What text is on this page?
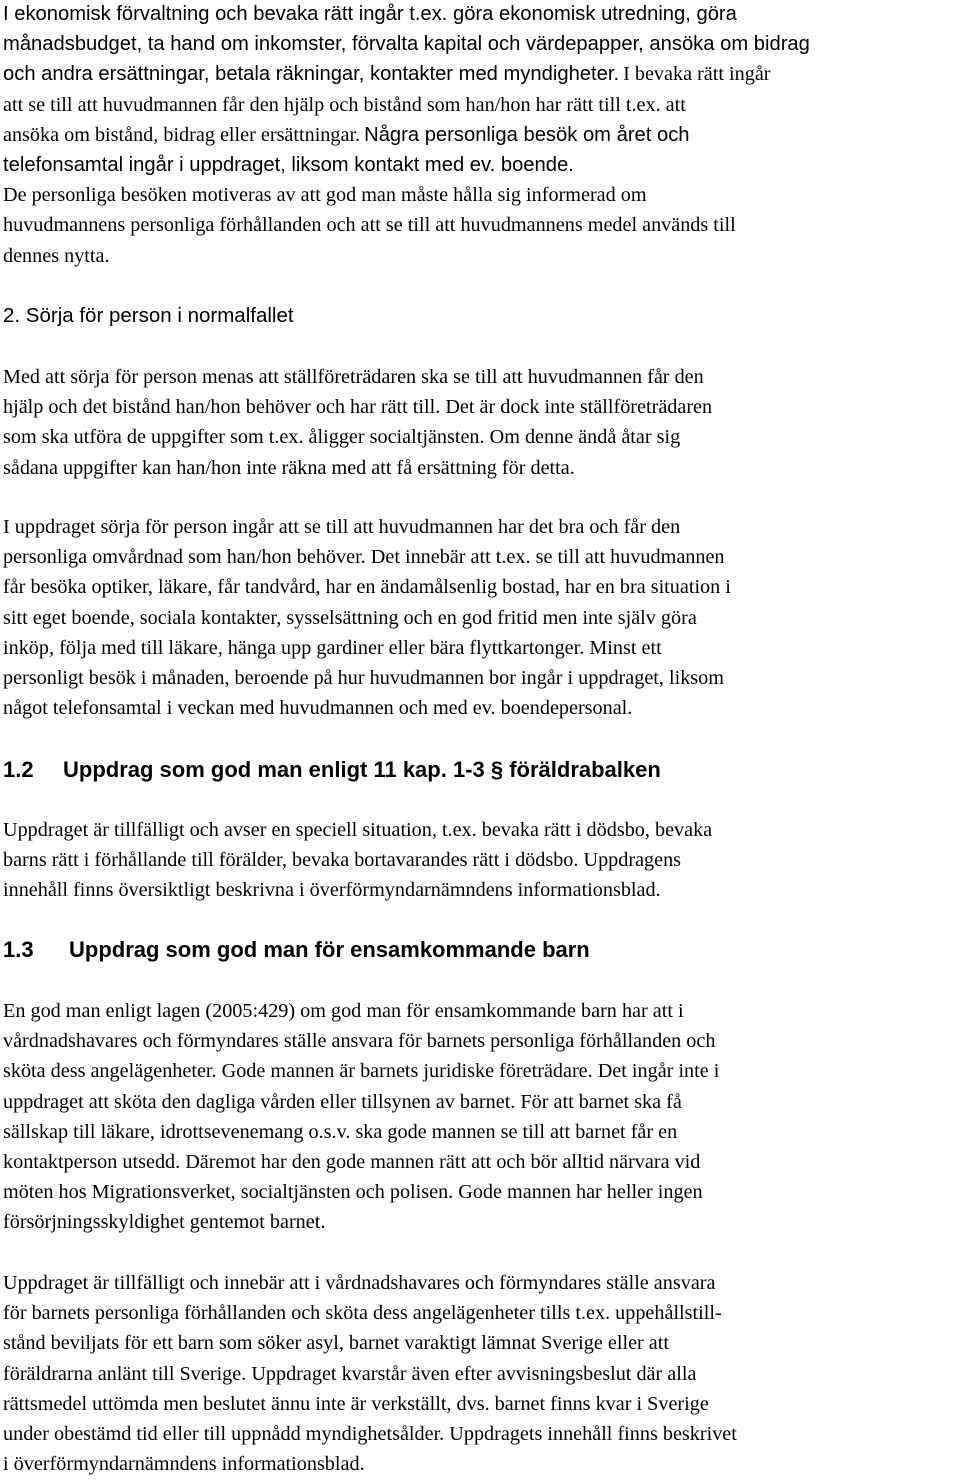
I ekonomisk förvaltning och bevaka rätt ingår t.ex. göra ekonomisk utredning, göra

månadsbudget, ta hand om inkomster, förvalta kapital och värdepapper, ansöka om bidrag

och andra ersättningar, betala räkningar, kontakter med myndigheter. I bevaka rätt ingår

att se till att huvudmannen får den hjälp och bistånd som han/hon har rätt till t.ex. att

ansöka om bistånd, bidrag eller ersättningar. Några personliga besök om året och

telefonsamtal ingår i uppdraget, liksom kontakt med ev. boende.

De personliga besöken motiveras av att god man måste hålla sig informerad om

huvudmannens personliga förhållanden och att se till att huvudmannens medel används till

dennes nytta.

2. Sörja för person i normalfallet

Med att sörja för person menas att ställföreträdaren ska se till att huvudmannen får den

hjälp och det bistånd han/hon behöver och har rätt till. Det är dock inte ställföreträdaren

som ska utföra de uppgifter som t.ex. åligger socialtjänsten. Om denne ändå åtar sig

sådana uppgifter kan han/hon inte räkna med att få ersättning för detta.

I uppdraget sörja för person ingår att se till att huvudmannen har det bra och får den

personliga omvårdnad som han/hon behöver. Det innebär att t.ex. se till att huvudmannen

får besöka optiker, läkare, får tandvård, har en ändamålsenlig bostad, har en bra situation i

sitt eget boende, sociala kontakter, sysselsättning och en god fritid men inte själv göra

inköp, följa med till läkare, hänga upp gardiner eller bära flyttkartonger. Minst ett

personligt besök i månaden, beroende på hur huvudmannen bor ingår i uppdraget, liksom

något telefonsamtal i veckan med huvudmannen och med ev. boendepersonal.

1.2 Uppdrag som god man enligt 11 kap. 1-3 § föräldrabalken

Uppdraget är tillfälligt och avser en speciell situation, t.ex. bevaka rätt i dödsbo, bevaka

barns rätt i förhållande till förälder, bevaka bortavarandes rätt i dödsbo. Uppdragens

innehåll finns översiktligt beskrivna i överförmyndarnämndens informationsblad.

1.3 Uppdrag som god man för ensamkommande barn

En god man enligt lagen (2005:429) om god man för ensamkommande barn har att i

vårdnadshavares och förmyndares ställe ansvara för barnets personliga förhållanden och

sköta dess angelägenheter. Gode mannen är barnets juridiske företrädare. Det ingår inte i

uppdraget att sköta den dagliga vården eller tillsynen av barnet. För att barnet ska få

sällskap till läkare, idrottsevenemang o.s.v. ska gode mannen se till att barnet får en

kontaktperson utsedd. Däremot har den gode mannen rätt att och bör alltid närvara vid

möten hos Migrationsverket, socialtjänsten och polisen. Gode mannen har heller ingen

försörjningsskyldighet gentemot barnet.

Uppdraget är tillfälligt och innebär att i vårdnadshavares och förmyndares ställe ansvara

för barnets personliga förhållanden och sköta dess angelägenheter tills t.ex. uppehållstill-

stånd beviljats för ett barn som söker asyl, barnet varaktigt lämnat Sverige eller att

föräldrarna anlänt till Sverige. Uppdraget kvarstår även efter avvisningsbeslut där alla

rättsmedel uttömda men beslutet ännu inte är verkställt, dvs. barnet finns kvar i Sverige

under obestämd tid eller till uppnådd myndighetsålder. Uppdragets innehåll finns beskrivet

i överförmyndarnämndens informationsblad.
